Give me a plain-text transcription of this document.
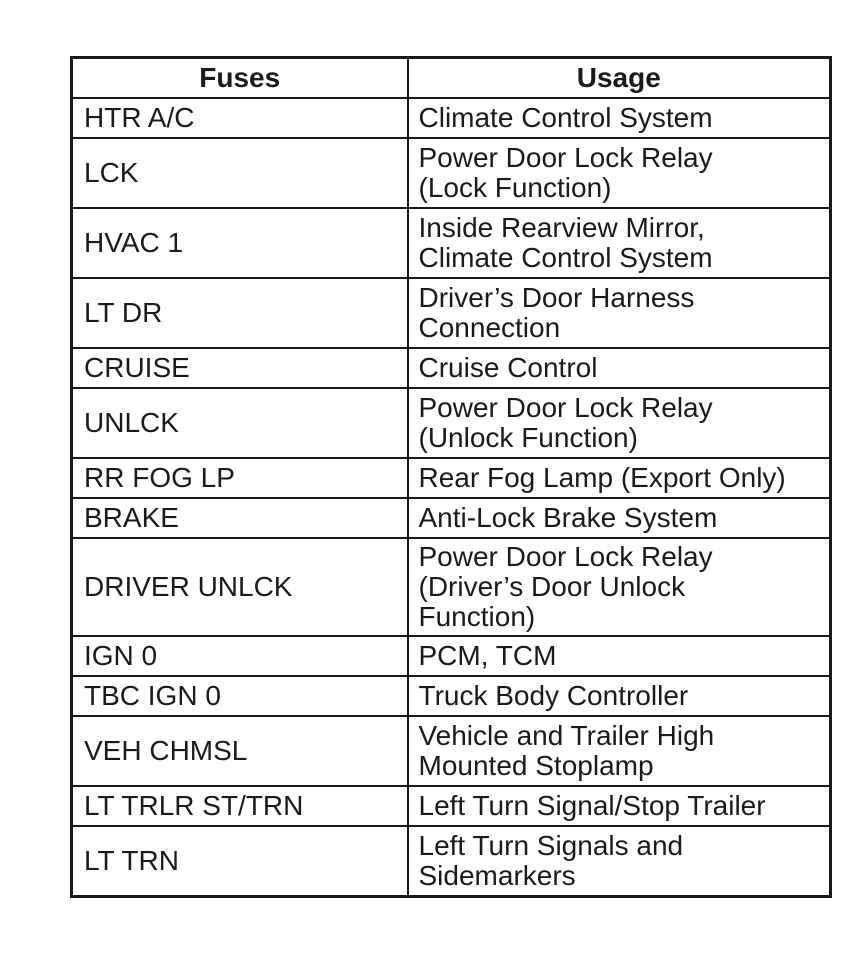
Fuses	Usage
HTR A/C	Climate Control System
LCK	Power Door Lock Relay
(Lock Function)
HVAC 1	Inside Rearview Mirror,
Climate Control System
LT DR	Driver’s Door Harness
Connection
CRUISE	Cruise Control
UNLCK	Power Door Lock Relay
(Unlock Function)
RR FOG LP	Rear Fog Lamp (Export Only)
BRAKE	Anti-Lock Brake System
DRIVER UNLCK	Power Door Lock Relay
(Driver’s Door Unlock
Function)
IGN 0	PCM, TCM
TBC IGN 0	Truck Body Controller
VEH CHMSL	Vehicle and Trailer High
Mounted Stoplamp
LT TRLR ST/TRN	Left Turn Signal/Stop Trailer
LT TRN	Left Turn Signals and
Sidemarkers
